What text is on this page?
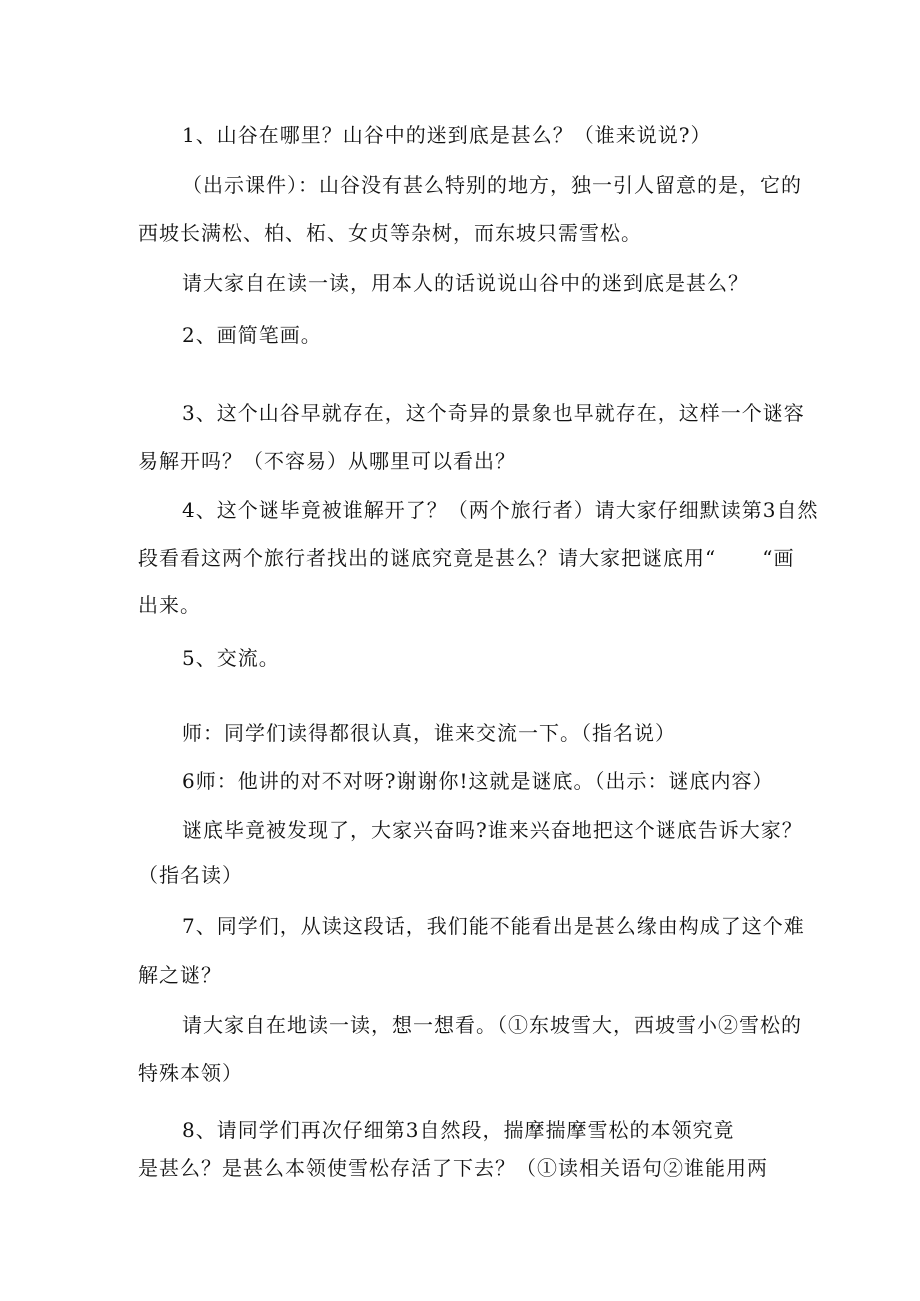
1、山谷在哪里？山谷中的迷到底是甚么？（谁来说说?）
（出示课件）：山谷没有甚么特别的地方，独一引人留意的是，它的
西坡长满松、柏、柘、女贞等杂树，而东坡只需雪松。
请大家自在读一读，用本人的话说说山谷中的迷到底是甚么？
2、画简笔画。
3、这个山谷早就存在，这个奇异的景象也早就存在，这样一个谜容
易解开吗？（不容易）从哪里可以看出？
4、这个谜毕竟被谁解开了？（两个旅行者）请大家仔细默读第3自然
段看看这两个旅行者找出的谜底究竟是甚么？请大家把谜底用“ “画
出来。
5、交流。
师：同学们读得都很认真，谁来交流一下。（指名说）
6师：他讲的对不对呀?谢谢你!这就是谜底。（出示：谜底内容）
谜底毕竟被发现了，大家兴奋吗?谁来兴奋地把这个谜底告诉大家？
（指名读）
7、同学们，从读这段话，我们能不能看出是甚么缘由构成了这个难
解之谜？
请大家自在地读一读，想一想看。（①东坡雪大，西坡雪小②雪松的
特殊本领）
8、请同学们再次仔细第3自然段，揣摩揣摩雪松的本领究竟
是甚么？是甚么本领使雪松存活了下去？（①读相关语句②谁能用两
